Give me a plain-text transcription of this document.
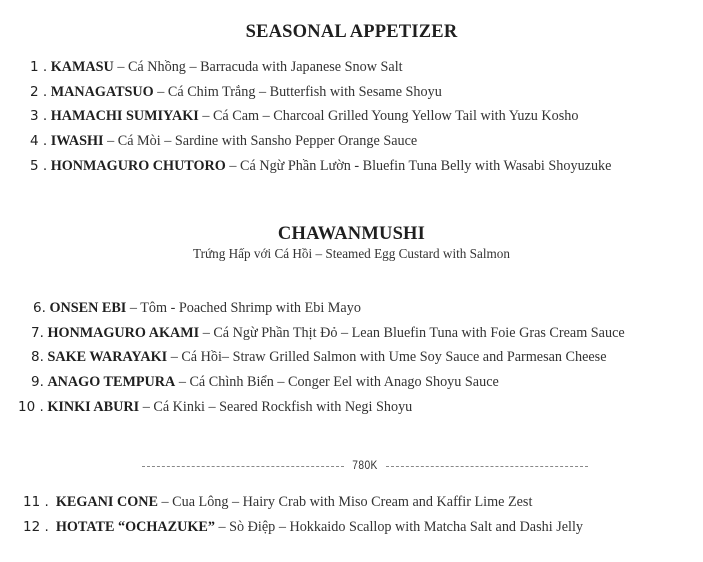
SEASONAL APPETIZER
1 . KAMASU – Cá Nhồng – Barracuda with Japanese Snow Salt
2 . MANAGATSUO – Cá Chim Trắng – Butterfish with Sesame Shoyu
3 . HAMACHI SUMIYAKI – Cá Cam – Charcoal Grilled Young Yellow Tail with Yuzu Kosho
4 . IWASHI – Cá Mòi – Sardine with Sansho Pepper Orange Sauce
5 . HONMAGURO CHUTORO – Cá Ngừ Phần Lườn - Bluefin Tuna Belly with Wasabi Shoyuzuke
CHAWANMUSHI
Trứng Hấp với Cá Hồi – Steamed Egg Custard with Salmon
6. ONSEN EBI – Tôm - Poached Shrimp with Ebi Mayo
7. HONMAGURO AKAMI – Cá Ngừ Phần Thịt Đỏ – Lean Bluefin Tuna with Foie Gras Cream Sauce
8. SAKE WARAYAKI – Cá Hồi– Straw Grilled Salmon with Ume Soy Sauce and Parmesan Cheese
9. ANAGO TEMPURA – Cá Chình Biển – Conger Eel with Anago Shoyu Sauce
10 . KINKI ABURI – Cá Kinki – Seared Rockfish with Negi Shoyu
780K
11 . KEGANI CONE – Cua Lông – Hairy Crab with Miso Cream and Kaffir Lime Zest
12 . HOTATE “OCHAZUKE” – Sò Điệp – Hokkaido Scallop with Matcha Salt and Dashi Jelly
